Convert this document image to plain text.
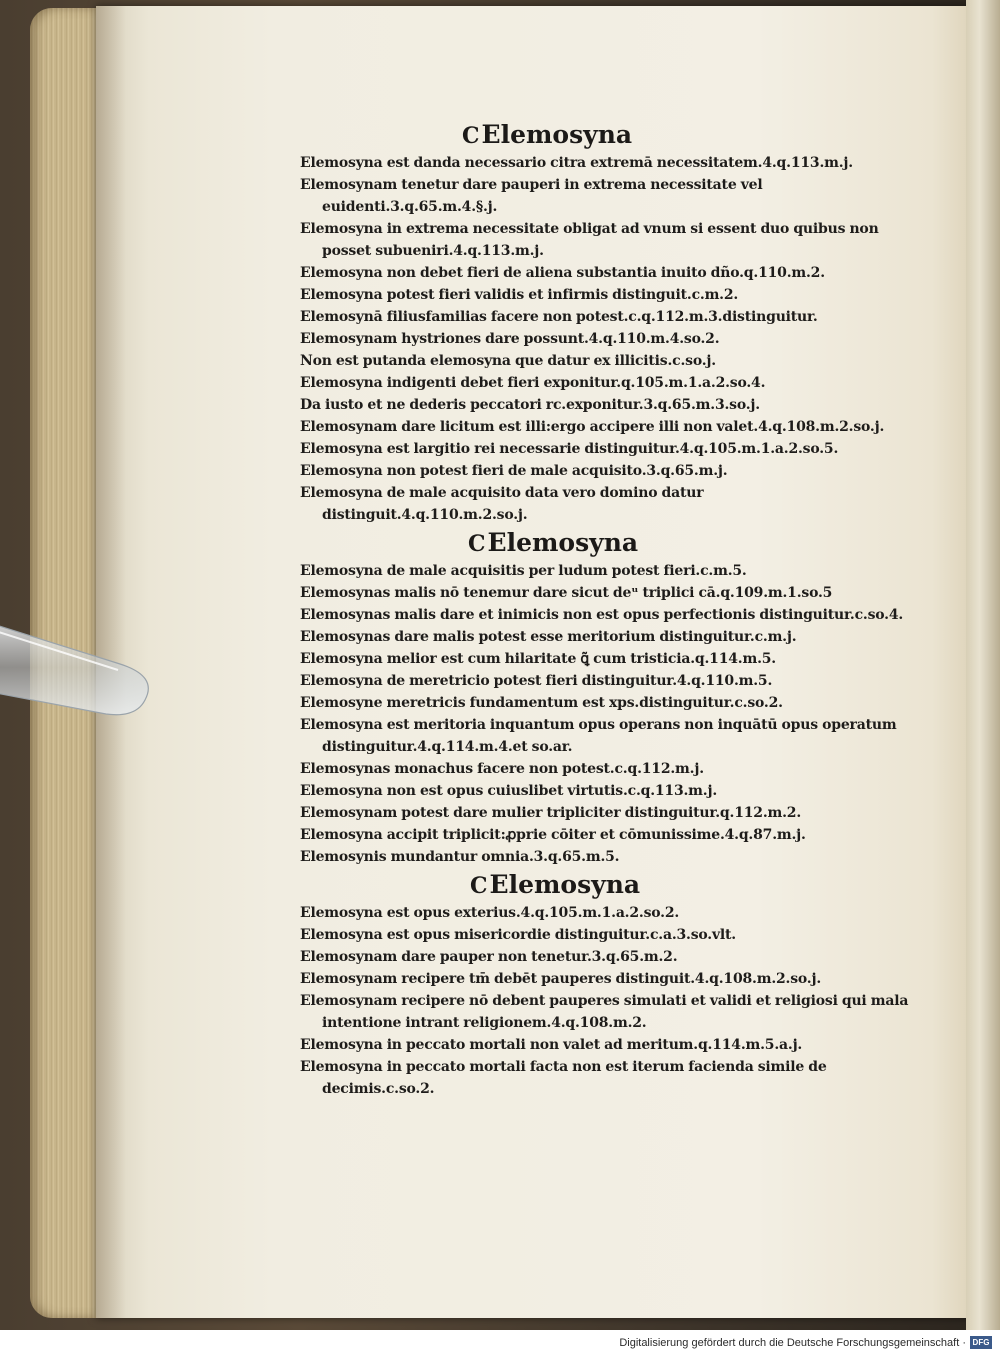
CElemosyna
Elemosyna est danda necessario citra extremā necessitatem.4.q.113.m.j.
Elemosynam tenetur dare pauperi in extrema necessitate vel euidenti.3.q.65.m.4.§.j.
Elemosyna in extrema necessitate obligat ad vnum si essent duo quibus non posset subueniri.4.q.113.m.j.
Elemosyna non debet fieri de aliena substantia inuito dño.q.110.m.2.
Elemosyna potest fieri validis et infirmis distinguit.c.m.2.
Elemosynā filiusfamilias facere non potest.c.q.112.m.3.distinguitur.
Elemosynam hystriones dare possunt.4.q.110.m.4.so.2.
Non est putanda elemosyna que datur ex illicitis.c.so.j.
Elemosyna indigenti debet fieri exponitur.q.105.m.1.a.2.so.4.
Da iusto et ne dederis peccatori rc.exponitur.3.q.65.m.3.so.j.
Elemosynam dare licitum est illi:ergo accipere illi non valet.4.q.108.m.2.so.j.
Elemosyna est largitio rei necessarie distinguitur.4.q.105.m.1.a.2.so.5.
Elemosyna non potest fieri de male acquisito.3.q.65.m.j.
Elemosyna de male acquisito data vero domino datur distinguit.4.q.110.m.2.so.j.
CElemosyna
Elemosyna de male acquisitis per ludum potest fieri.c.m.5.
Elemosynas malis nō tenemur dare sicut deᵘ triplici cā.q.109.m.1.so.5
Elemosynas malis dare et inimicis non est opus perfectionis distinguitur.c.so.4.
Elemosynas dare malis potest esse meritorium distinguitur.c.m.j.
Elemosyna melior est cum hilaritate ꝗ͂ cum tristicia.q.114.m.5.
Elemosyna de meretricio potest fieri distinguitur.4.q.110.m.5.
Elemosyne meretricis fundamentum est xps.distinguitur.c.so.2.
Elemosyna est meritoria inquantum opus operans non inquātū opus operatum distinguitur.4.q.114.m.4.et so.ar.
Elemosynas monachus facere non potest.c.q.112.m.j.
Elemosyna non est opus cuiuslibet virtutis.c.q.113.m.j.
Elemosynam potest dare mulier tripliciter distinguitur.q.112.m.2.
Elemosyna accipit triplicit:ꝓprie cōiter et cōmunissime.4.q.87.m.j.
Elemosynis mundantur omnia.3.q.65.m.5.
CElemosyna
Elemosyna est opus exterius.4.q.105.m.1.a.2.so.2.
Elemosyna est opus misericordie distinguitur.c.a.3.so.vlt.
Elemosynam dare pauper non tenetur.3.q.65.m.2.
Elemosynam recipere tm̄ debēt pauperes distinguit.4.q.108.m.2.so.j.
Elemosynam recipere nō debent pauperes simulati et validi et religiosi qui mala intentione intrant religionem.4.q.108.m.2.
Elemosyna in peccato mortali non valet ad meritum.q.114.m.5.a.j.
Elemosyna in peccato mortali facta non est iterum facienda simile de decimis.c.so.2.
Digitalisierung gefördert durch die Deutsche Forschungsgemeinschaft · DFG
